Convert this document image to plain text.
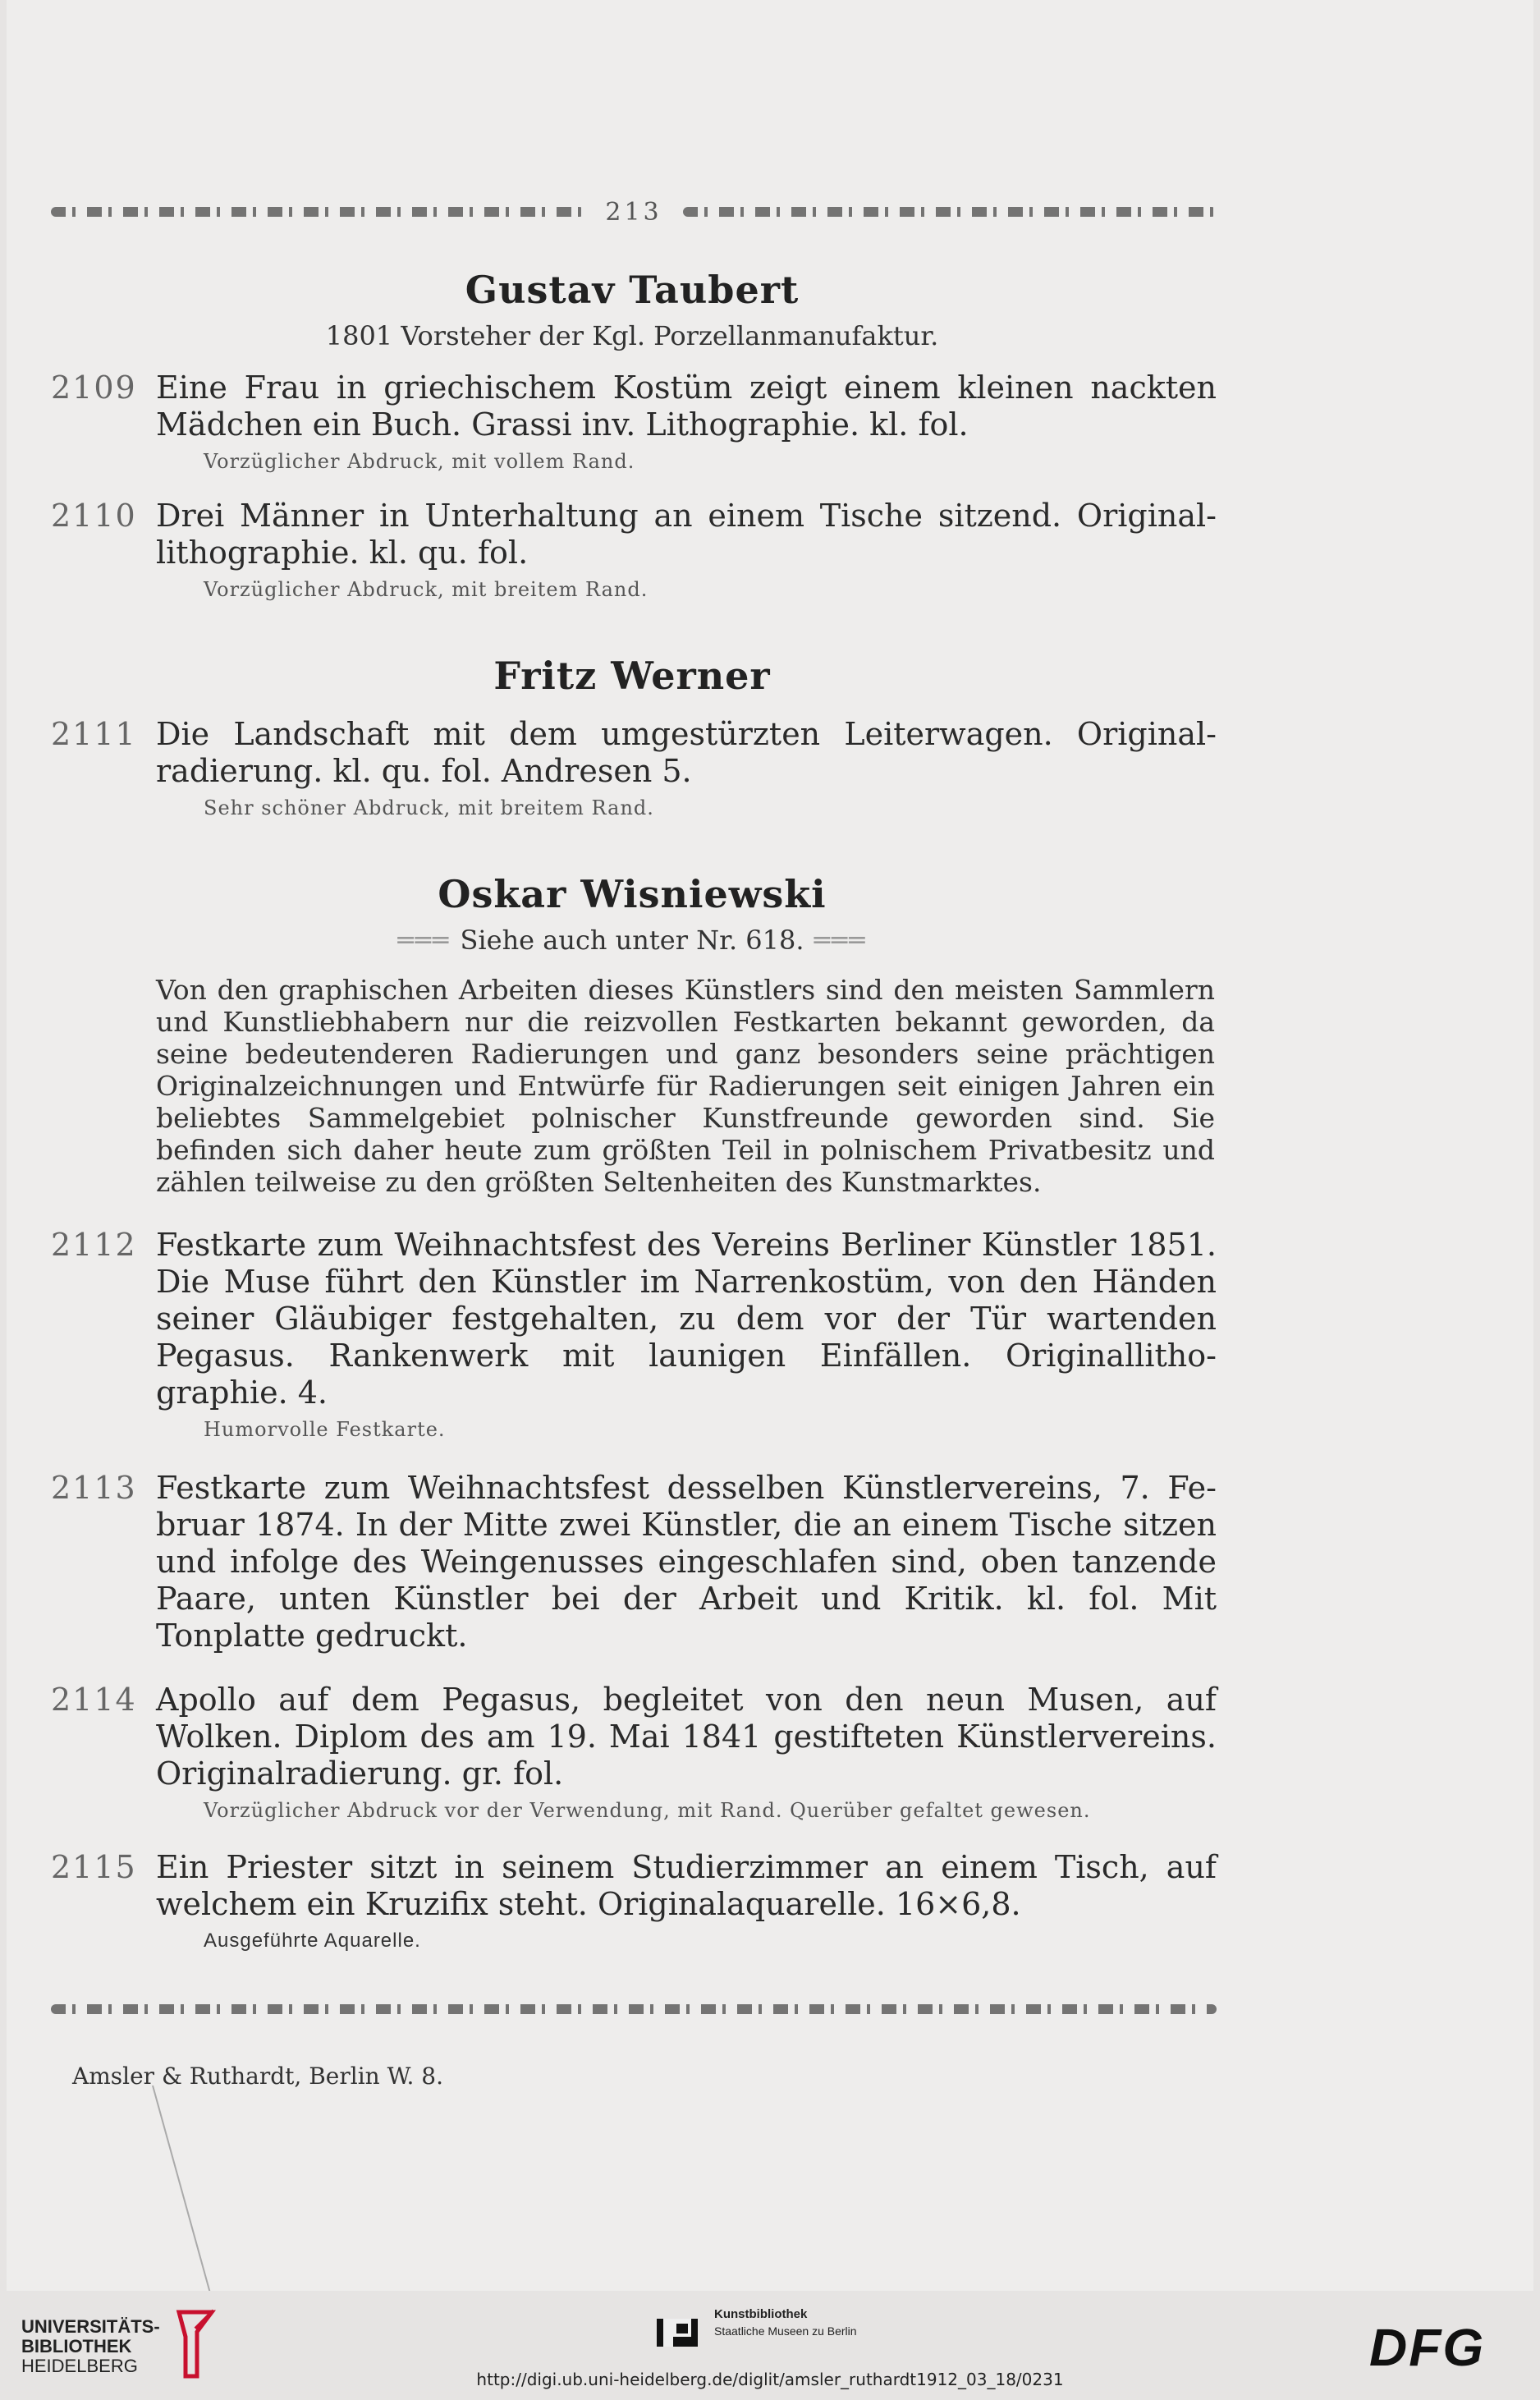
213
Gustav Taubert
1801 Vorsteher der Kgl. Porzellanmanufaktur.
2109 Eine Frau in griechischem Kostüm zeigt einem kleinen nackten Mädchen ein Buch. Grassi inv. Lithographie. kl. fol.
Vorzüglicher Abdruck, mit vollem Rand.
2110 Drei Männer in Unterhaltung an einem Tische sitzend. Original-lithographie. kl. qu. fol.
Vorzüglicher Abdruck, mit breitem Rand.
Fritz Werner
2111 Die Landschaft mit dem umgestürzten Leiterwagen. Original-radierung. kl. qu. fol. Andresen 5.
Sehr schöner Abdruck, mit breitem Rand.
Oskar Wisniewski
═══ Siehe auch unter Nr. 618. ═══
Von den graphischen Arbeiten dieses Künstlers sind den meisten Sammlern und Kunstliebhabern nur die reizvollen Festkarten bekannt geworden, da seine bedeutenderen Radierungen und ganz besonders seine prächtigen Originalzeichnungen und Entwürfe für Radierungen seit einigen Jahren ein beliebtes Sammelgebiet polnischer Kunstfreunde geworden sind. Sie befinden sich daher heute zum größten Teil in polnischem Privatbesitz und zählen teilweise zu den größten Seltenheiten des Kunstmarktes.
2112 Festkarte zum Weihnachtsfest des Vereins Berliner Künstler 1851. Die Muse führt den Künstler im Narrenkostüm, von den Händen seiner Gläubiger festgehalten, zu dem vor der Tür wartenden Pegasus. Rankenwerk mit launigen Einfällen. Originallitho-graphie. 4.
Humorvolle Festkarte.
2113 Festkarte zum Weihnachtsfest desselben Künstlervereins, 7. Fe-bruar 1874. In der Mitte zwei Künstler, die an einem Tische sitzen und infolge des Weingenusses eingeschlafen sind, oben tanzende Paare, unten Künstler bei der Arbeit und Kritik. kl. fol. Mit Tonplatte gedruckt.
2114 Apollo auf dem Pegasus, begleitet von den neun Musen, auf Wolken. Diplom des am 19. Mai 1841 gestifteten Künstlervereins. Originalradierung. gr. fol.
Vorzüglicher Abdruck vor der Verwendung, mit Rand. Querüber gefaltet gewesen.
2115 Ein Priester sitzt in seinem Studierzimmer an einem Tisch, auf welchem ein Kruzifix steht. Originalaquarelle. 16×6,8.
Ausgeführte Aquarelle.
Amsler & Ruthardt, Berlin W. 8.
UNIVERSITÄTS-
BIBLIOTHEK
HEIDELBERG
Kunstbibliothek
Staatliche Museen zu Berlin	DFG
http://digi.ub.uni-heidelberg.de/diglit/amsler_ruthardt1912_03_18/0231
